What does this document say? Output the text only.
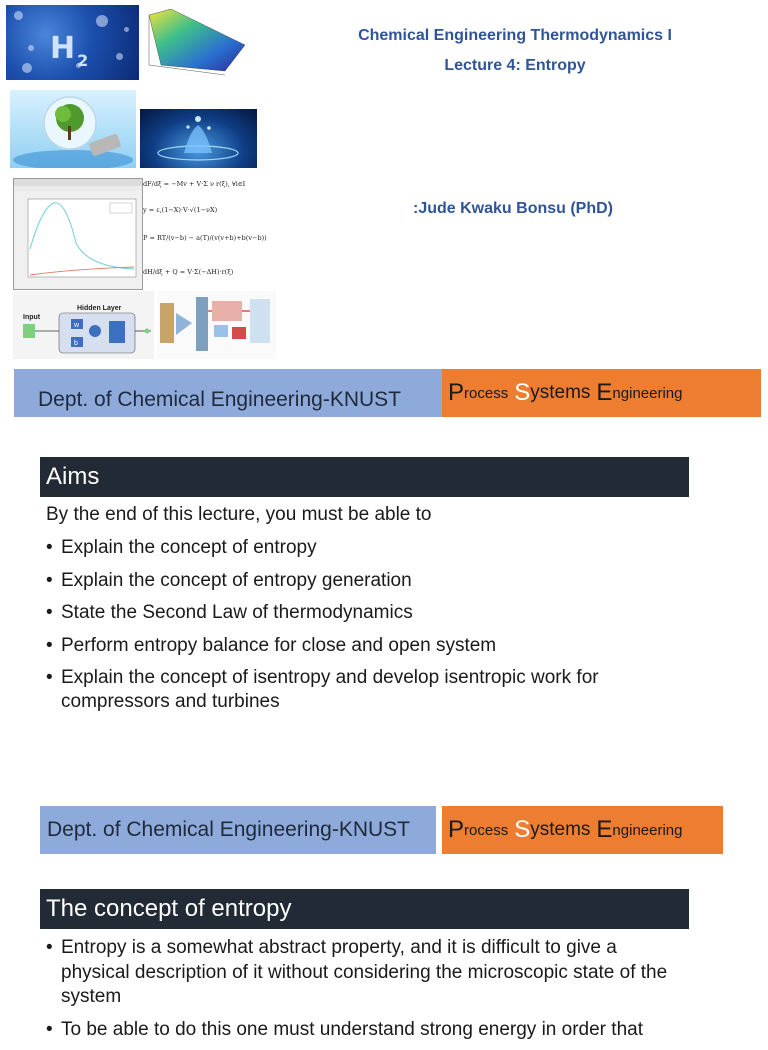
$H_2$
dF/dξ = −Mv + V·Σ ν r(ξ), ∀i∈I
y = ε,(1−X)·V·√(1−νX)
P = RT/(v−b) − a(T)/(v(v+b)+b(v−b))
dH/dξ + Q = V·Σ(−ΔH)·r(ξ)
Input
Hidden Layer
w
b
Chemical Engineering Thermodynamics I
Lecture 4: Entropy
:Jude Kwaku Bonsu (PhD)
Dept. of Chemical Engineering-KNUST P rocess S ystems E ngineering
Aims
By the end of this lecture, you must be able to
• Explain the concept of entropy
• Explain the concept of entropy generation
• State the Second Law of thermodynamics
• Perform entropy balance for close and open system
• Explain the concept of isentropy and develop isentropic work for compressors and turbines
Dept. of Chemical Engineering-KNUST P rocess S ystems E ngineering
The concept of entropy
• Entropy is a somewhat abstract property, and it is difficult to give a physical description of it without considering the microscopic state of the system
• To be able to do this one must understand strong energy in order that
